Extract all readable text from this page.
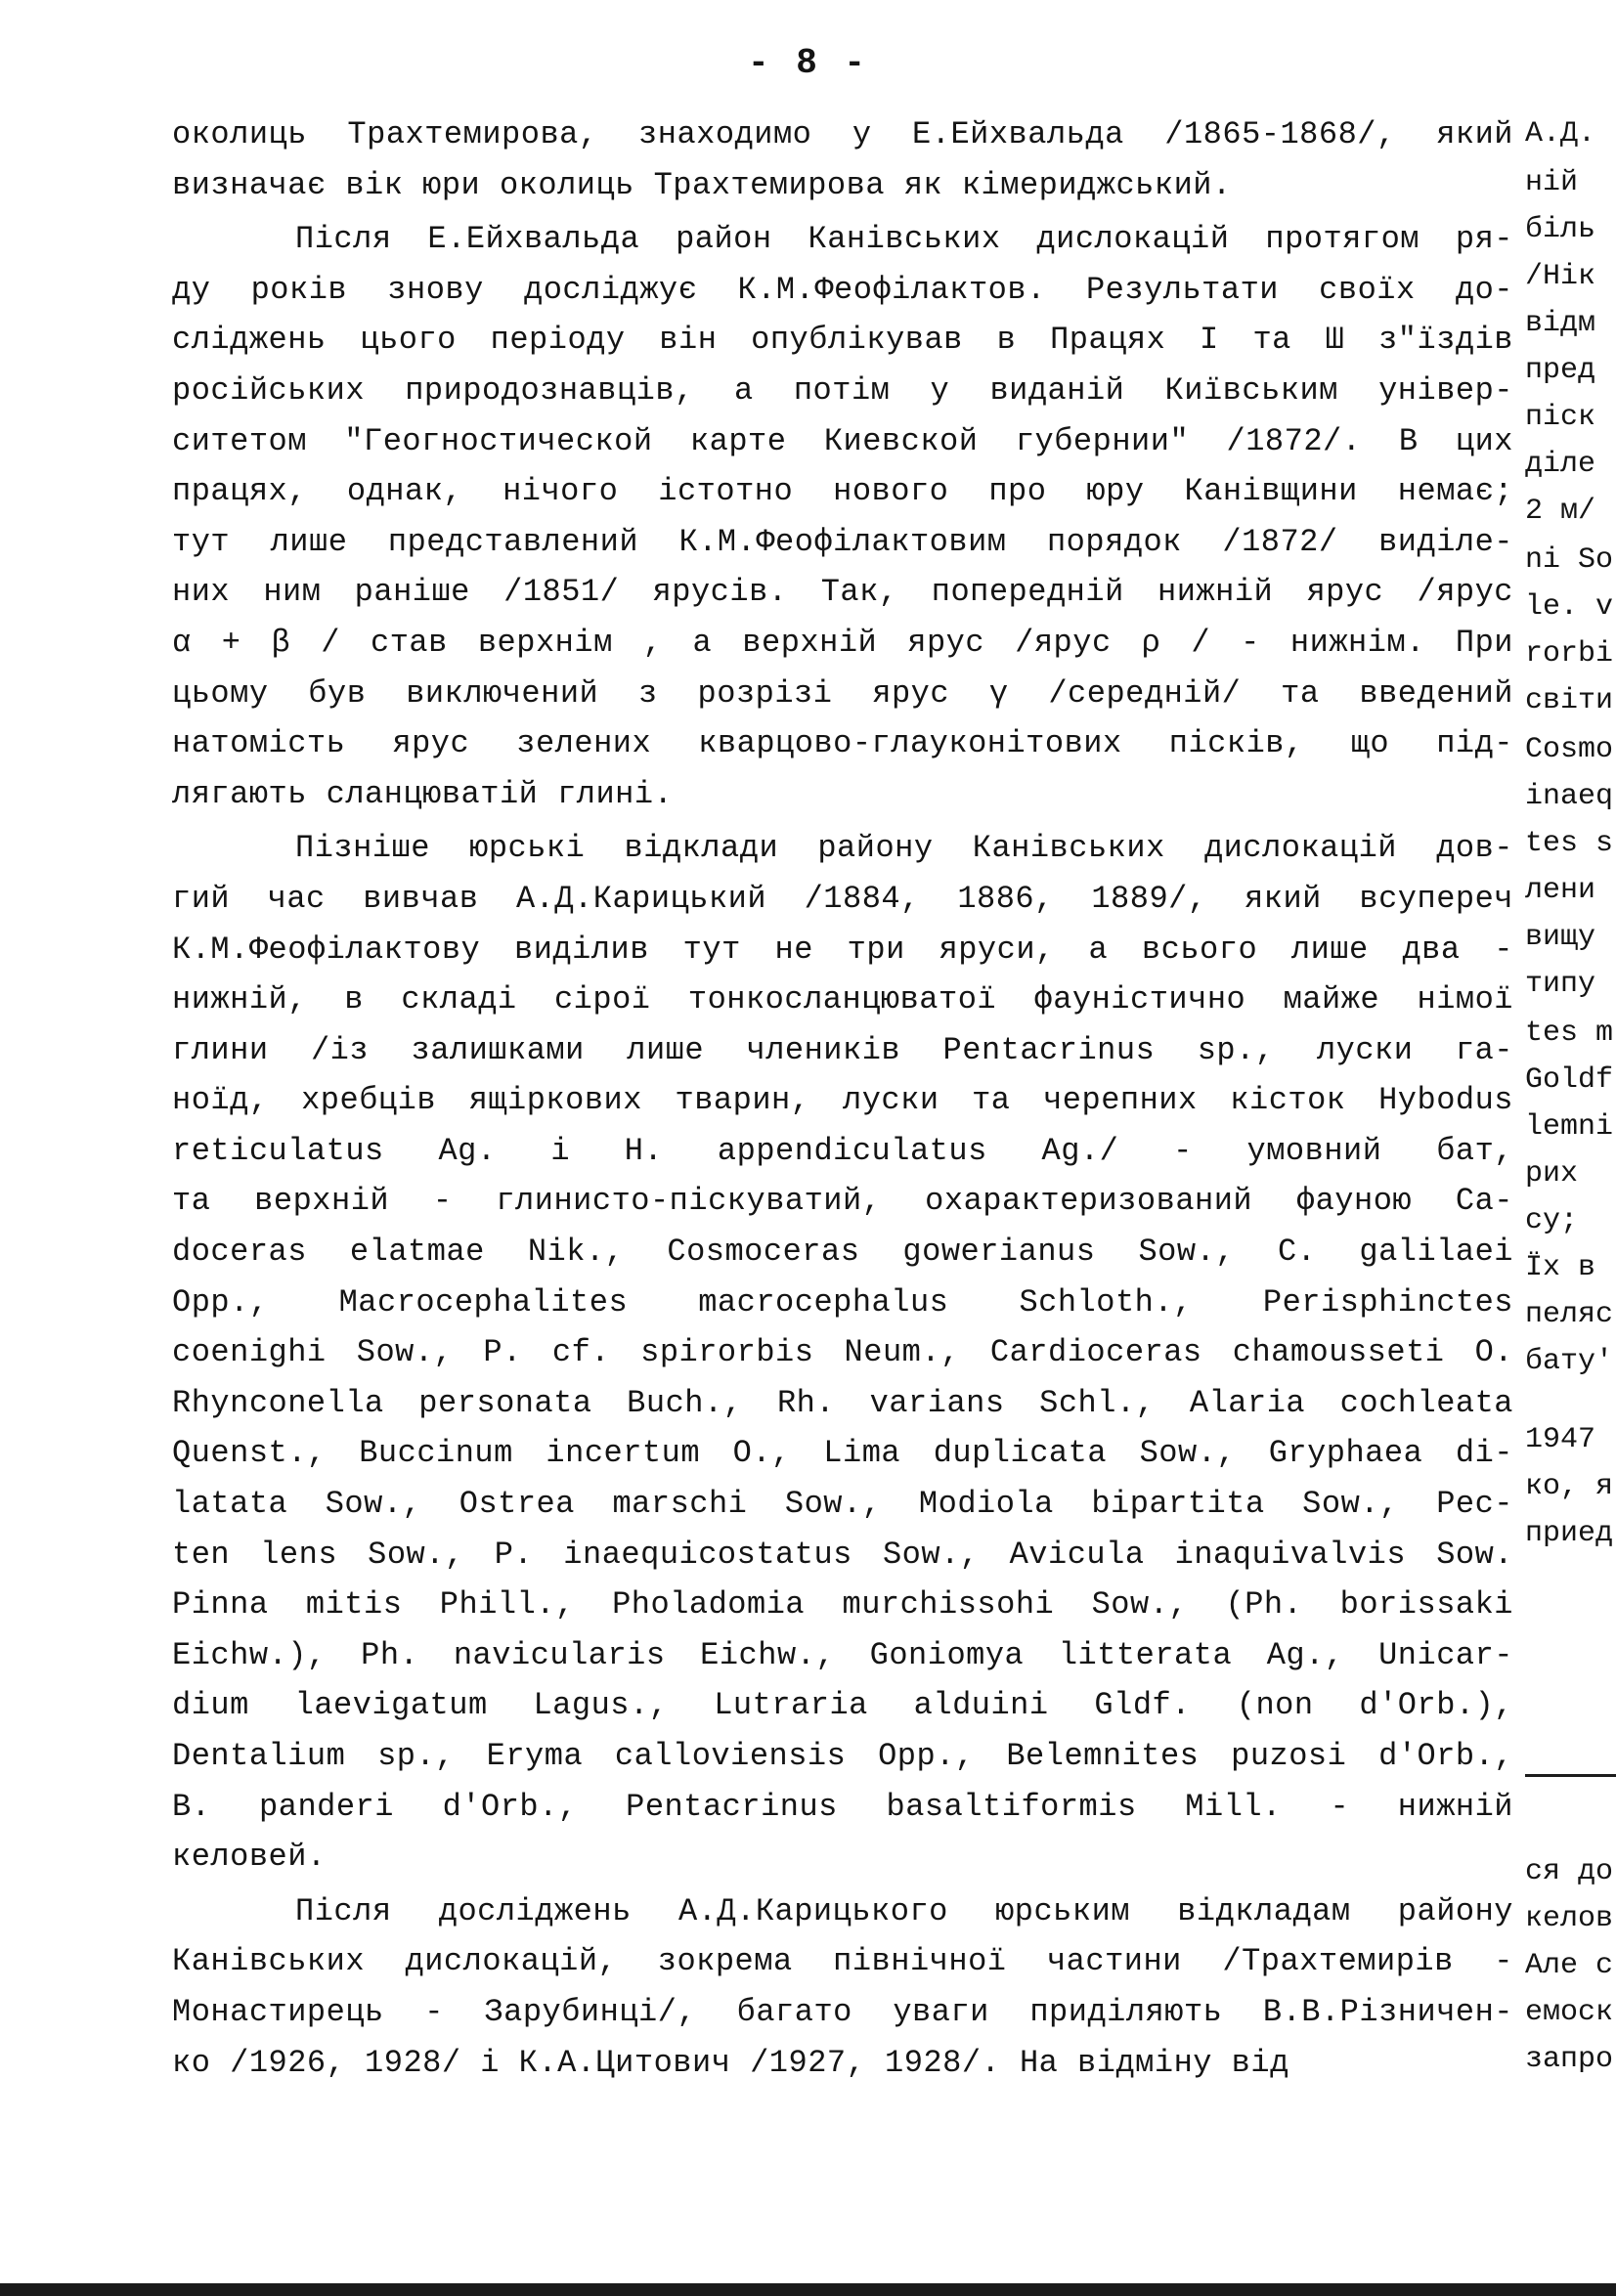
- 8 -
околиць Трахтемирова, знаходимо у Е.Ейхвальда /1865-1868/, який
визначає вік юри околиць Трахтемирова як кімериджський.
Після Е.Ейхвальда район Канівських дислокацій протягом ря-
ду років знову досліджує К.М.Феофілактов. Результати своїх до-
сліджень цього періоду він опублікував в Працях I та Ш з"їздів
російських природознавців, а потім у виданій Київським універ-
ситетом "Геогностической карте Киевской губернии" /1872/. В цих
працях, однак, нічого істотно нового про юру Канівщини немає;
тут лише представлений К.М.Феофілактовим порядок /1872/ виділе-
них ним раніше /1851/ ярусів. Так, попередній нижній ярус /ярус
α + β / став верхнім , а верхній ярус /ярус ρ / - нижнім. При
цьому був виключений з розрізі ярус γ /середній/ та введений
натомість ярус зелених кварцово-глауконітових пісків, що під-
лягають сланцюватій глині.
Пізніше юрські відклади району Канівських дислокацій дов-
гий час вивчав А.Д.Карицький /1884, 1886, 1889/, який всупереч
К.М.Феофілактову виділив тут не три яруси, а всього лише два -
нижній, в складі сірої тонкосланцюватої фауністично майже німої
глини /із залишками лише члеників Pentacrinus sp., луски га-
ноїд, хребців ящіркових тварин, луски та черепних кісток Hybodus
reticulatus Ag. і H. appendiculatus Ag./ - умовний бат,
та верхній - глинисто-піскуватий, охарактеризований фауною Ca-
doceras elatmae Nik., Cosmoceras gowerianus Sow., C. galilaei
Opp., Macrocephalites macrocephalus Schloth., Perisphinctes
coenighi Sow., P. cf. spirorbis Neum., Cardioceras chamousseti O.
Rhynconella personata Buch., Rh. varians Schl., Alaria cochleata
Quenst., Buccinum incertum O., Lima duplicata Sow., Gryphaea di-
latata Sow., Ostrea marschi Sow., Modiola bipartita Sow., Pec-
ten lens Sow., P. inaequicostatus Sow., Avicula inaquivalvis Sow.
Pinna mitis Phill., Pholadomia murchissohi Sow., (Ph. borissaki
Eichw.), Ph. navicularis Eichw., Goniomya litterata Ag., Unicar-
dium laevigatum Lagus., Lutraria alduini Gldf. (non d'Orb.),
Dentalium sp., Eryma calloviensis Opp., Belemnites puzosi d'Orb.,
B. panderi d'Orb., Pentacrinus basaltiformis Mill. - нижній
келовей.
Після досліджень А.Д.Карицького юрським відкладам району
Канівських дислокацій, зокрема північної частини /Трахтемирів -
Монастирець - Зарубинці/, багато уваги приділяють В.В.Різничен-
ко /1926, 1928/ і К.А.Цитович /1927, 1928/. На відміну від
А.Д.
ній
біль
/Нік
відм
пред
піск
діле
2 м/
ni So
le. v
rorbi
світи
Cosmo
inaeq
tes s
лени
вищу
типу
tes m
Goldf
lemni
рих
су;
Їх в
пеляс
бату'
1947
ко, я
приед
ся до
келов
Але с
емоск
запро
